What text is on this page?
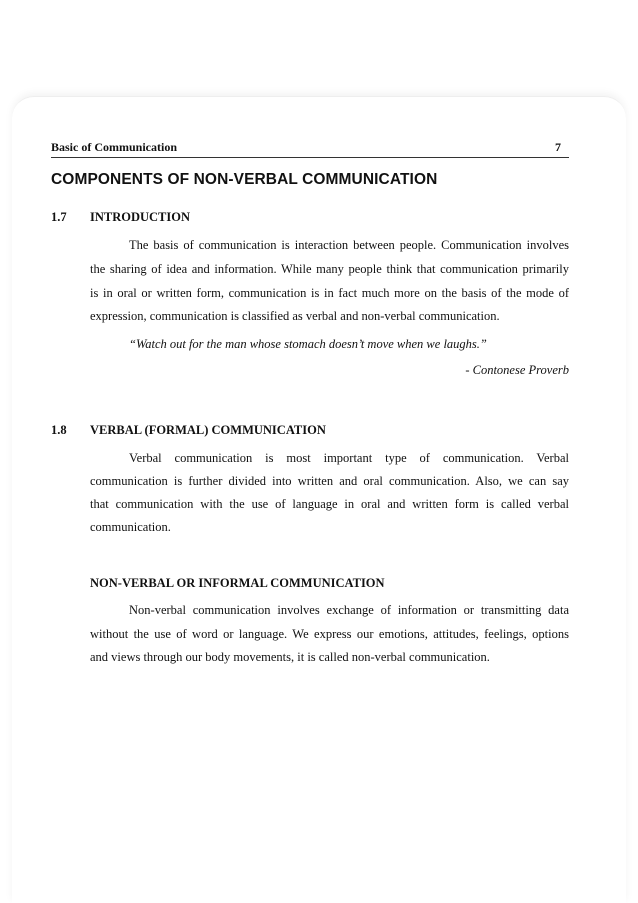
Basic of Communication	7
COMPONENTS OF NON-VERBAL COMMUNICATION
1.7 INTRODUCTION
The basis of communication is interaction between people. Communication involves
the sharing of idea and information. While many people think that communication primarily
is in oral or written form, communication is in fact much more on the basis of the mode of
expression, communication is classified as verbal and non-verbal communication.
“Watch out for the man whose stomach doesn’t move when we laughs.”
- Contonese Proverb
1.8 VERBAL (FORMAL) COMMUNICATION
Verbal communication is most important type of communication. Verbal
communication is further divided into written and oral communication. Also, we can say
that communication with the use of language in oral and written form is called verbal
communication.
NON-VERBAL OR INFORMAL COMMUNICATION
Non-verbal communication involves exchange of information or transmitting data
without the use of word or language. We express our emotions, attitudes, feelings, options
and views through our body movements, it is called non-verbal communication.
